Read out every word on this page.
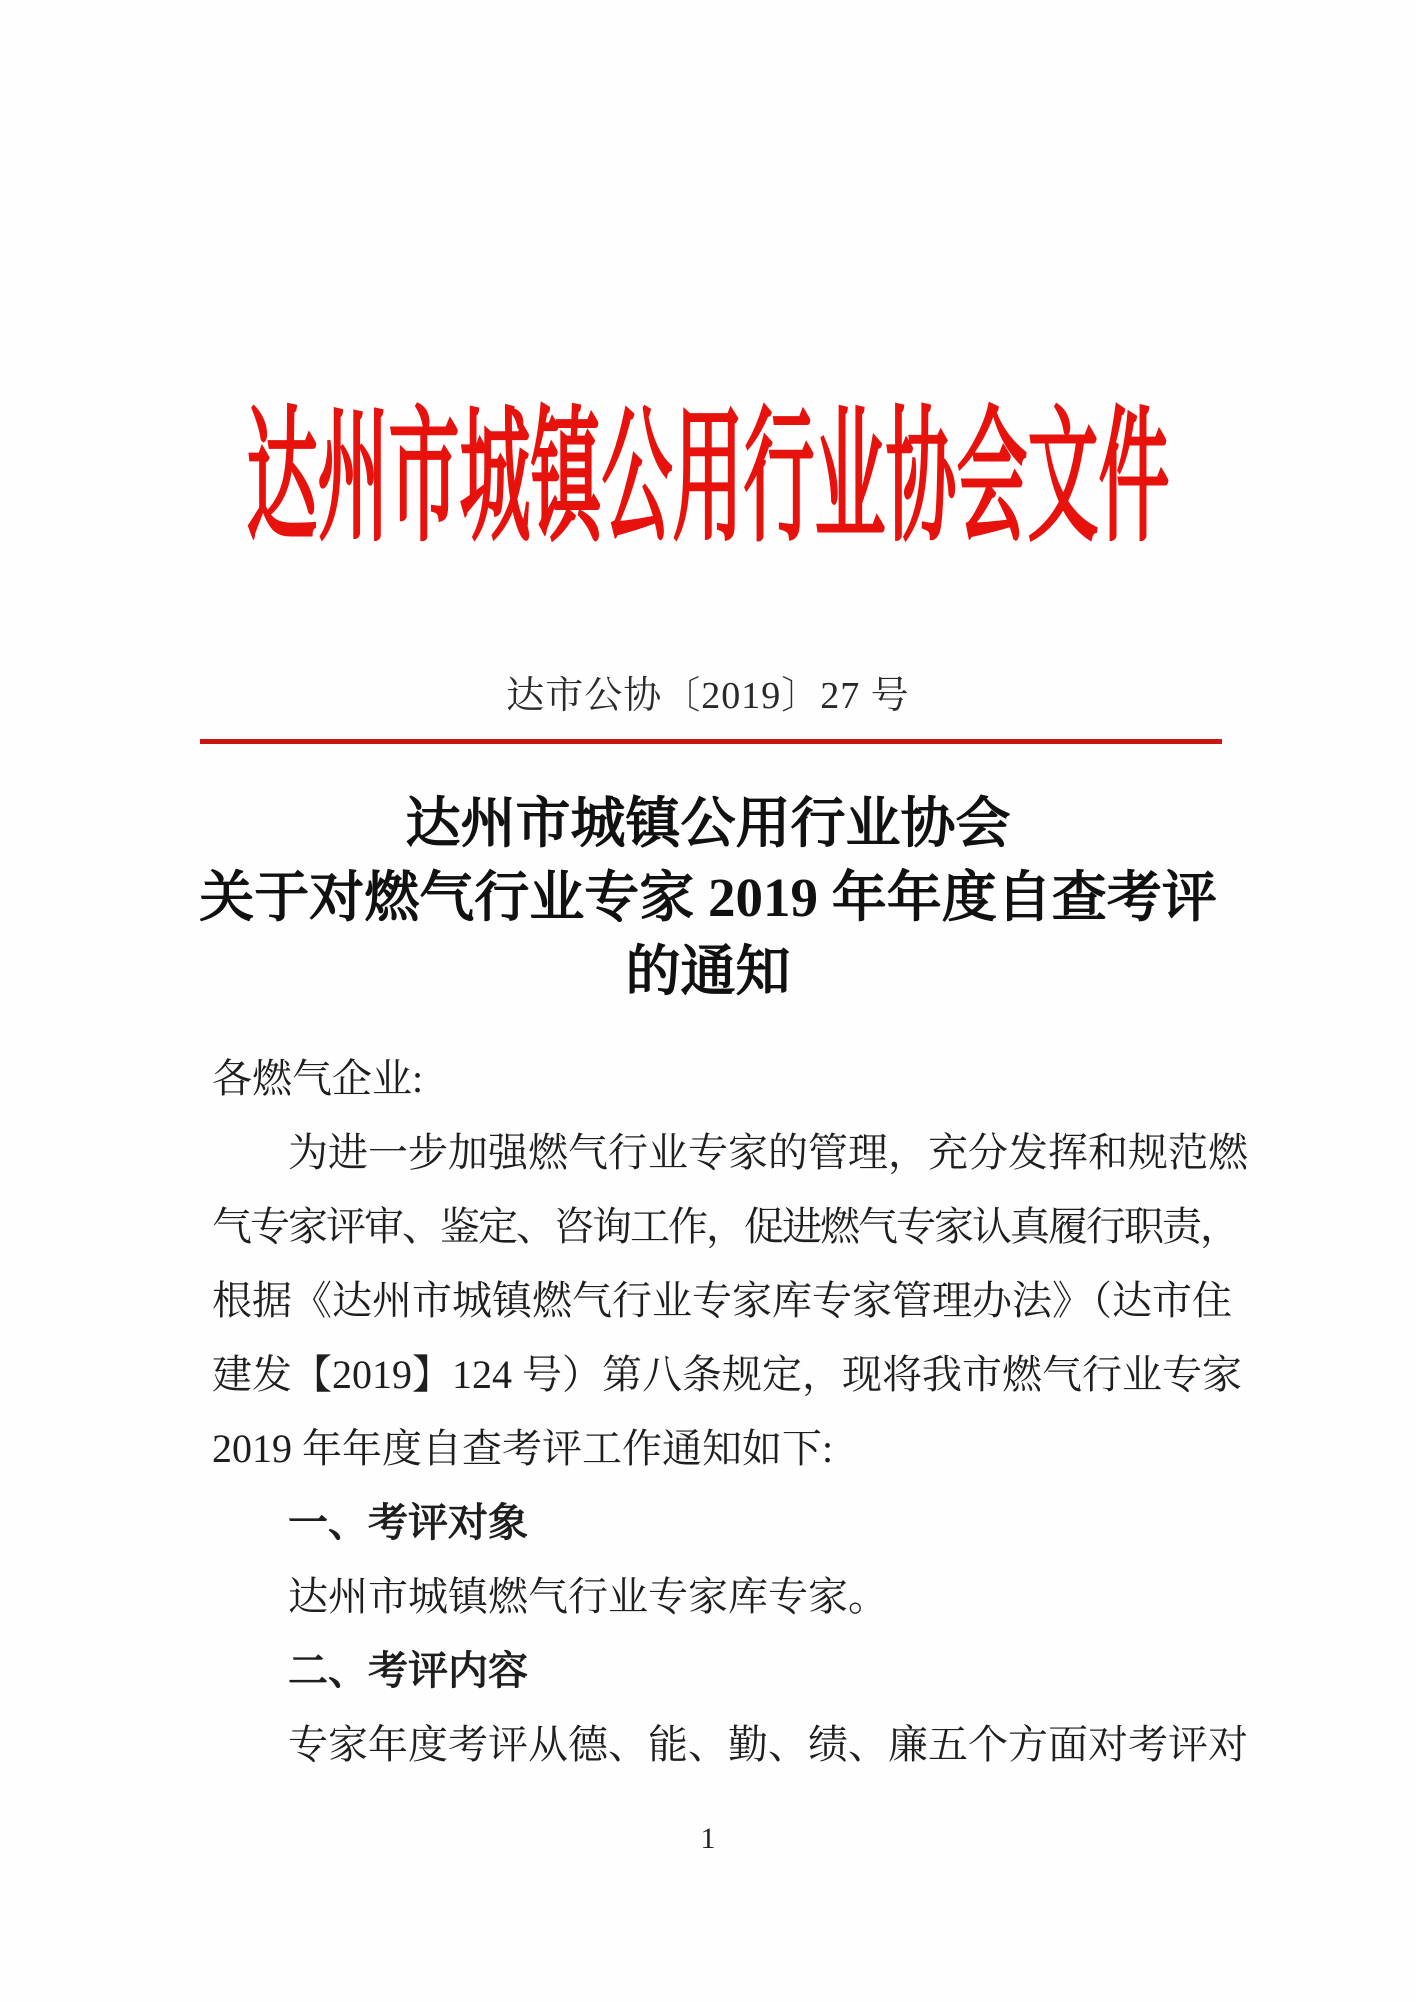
达州市城镇公用行业协会文件
达市公协〔2019〕27 号
达州市城镇公用行业协会
关于对燃气行业专家 2019 年年度自查考评
的通知
各燃气企业:
为进一步加强燃气行业专家的管理，充分发挥和规范燃
气专家评审、鉴定、咨询工作，促进燃气专家认真履行职责，
根据《达州市城镇燃气行业专家库专家管理办法》（达市住
建发【2019】124 号）第八条规定，现将我市燃气行业专家
2019 年年度自查考评工作通知如下:
一、考评对象
达州市城镇燃气行业专家库专家。
二、考评内容
专家年度考评从德、能、勤、绩、廉五个方面对考评对
1
